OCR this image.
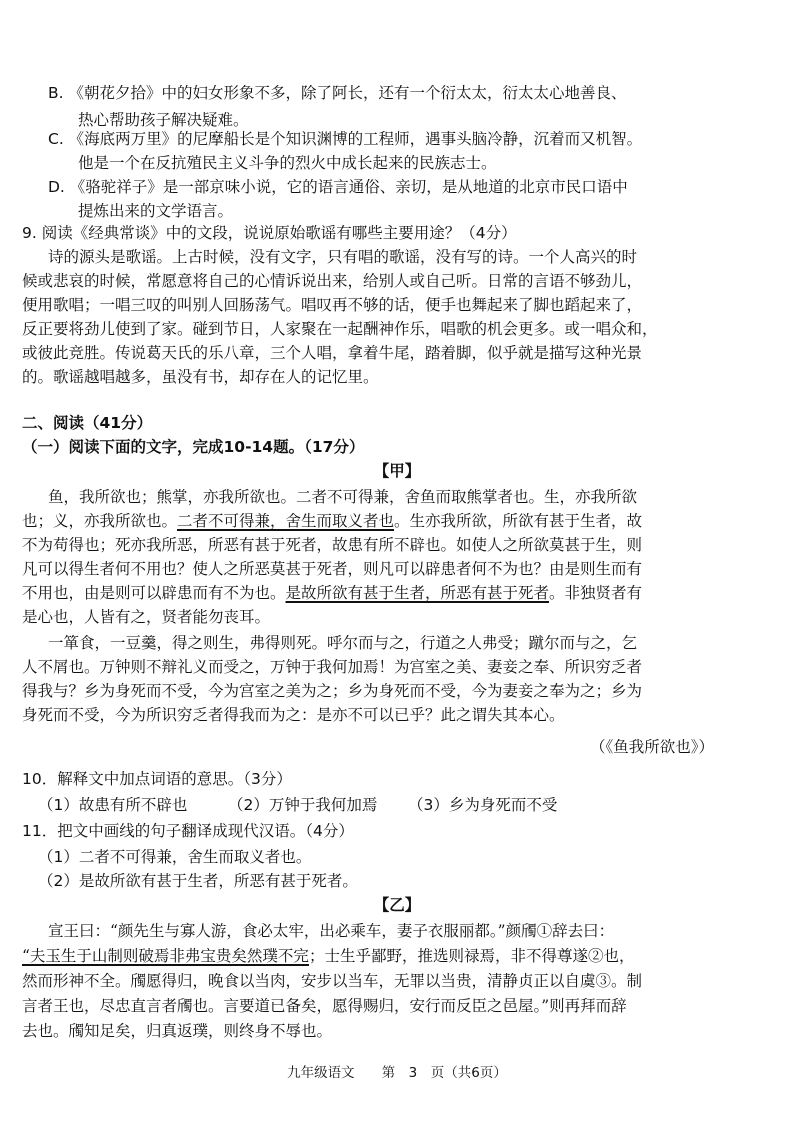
B. 《朝花夕拾》中的妇女形象不多，除了阿长，还有一个衍太太，衍太太心地善良、
热心帮助孩子解决疑难。
C. 《海底两万里》的尼摩船长是个知识渊博的工程师，遇事头脑冷静，沉着而又机智。
他是一个在反抗殖民主义斗争的烈火中成长起来的民族志士。
D. 《骆驼祥子》是一部京味小说，它的语言通俗、亲切，是从地道的北京市民口语中
提炼出来的文学语言。
9. 阅读《经典常谈》中的文段，说说原始歌谣有哪些主要用途？（4分）
诗的源头是歌谣。上古时候，没有文字，只有唱的歌谣，没有写的诗。一个人高兴的时
候或悲哀的时候，常愿意将自己的心情诉说出来，给别人或自己听。日常的言语不够劲儿，
便用歌唱；一唱三叹的叫别人回肠荡气。唱叹再不够的话，便手也舞起来了脚也蹈起来了，
反正要将劲儿使到了家。碰到节日，人家聚在一起酬神作乐，唱歌的机会更多。或一唱众和，
或彼此竞胜。传说葛天氏的乐八章，三个人唱，拿着牛尾，踏着脚，似乎就是描写这种光景
的。歌谣越唱越多，虽没有书，却存在人的记忆里。
二、阅读（41分）
（一）阅读下面的文字，完成10-14题。（17分）
【甲】
鱼，我所欲也；熊掌，亦我所欲也。二者不可得兼，舍鱼而取熊掌者也。生，亦我所欲
也；义，亦我所欲也。二者不可得兼，舍生而取义者也。生亦我所欲，所欲有甚于生者，故
不为苟得也；死亦我所恶，所恶有甚于死者，故患有所不辟也。如使人之所欲莫甚于生，则
凡可以得生者何不用也？使人之所恶莫甚于死者，则凡可以辟患者何不为也？由是则生而有
不用也，由是则可以辟患而有不为也。是故所欲有甚于生者，所恶有甚于死者。非独贤者有
是心也，人皆有之，贤者能勿丧耳。
一箪食，一豆羹，得之则生，弗得则死。呼尔而与之，行道之人弗受；蹴尔而与之，乞
人不屑也。万钟则不辩礼义而受之，万钟于我何加焉！为宫室之美、妻妾之奉、所识穷乏者
得我与？乡为身死而不受，今为宫室之美为之；乡为身死而不受，今为妻妾之奉为之；乡为
身死而不受，今为所识穷乏者得我而为之：是亦不可以已乎？此之谓失其本心。
（《鱼我所欲也》）
10．解释文中加点词语的意思。（3分）
（1）故患有所不辟也	（2）万钟于我何加焉 （3）乡为身死而不受
11．把文中画线的句子翻译成现代汉语。（4分）
（1）二者不可得兼，舍生而取义者也。
（2）是故所欲有甚于生者，所恶有甚于死者。
【乙】
宣王曰：“颜先生与寡人游，食必太牢，出必乘车，妻子衣服丽都。”颜斶①辞去曰：
“夫玉生于山制则破焉非弗宝贵矣然璞不完；士生乎鄙野，推选则禄焉，非不得尊遂②也，
然而形神不全。斶愿得归，晚食以当肉，安步以当车，无罪以当贵，清静贞正以自虞③。制
言者王也，尽忠直言者斶也。言要道已备矣，愿得赐归，安行而反臣之邑屋。”则再拜而辞
去也。斶知足矣，归真返璞，则终身不辱也。
九年级语文　　第　3　页（共6页）
